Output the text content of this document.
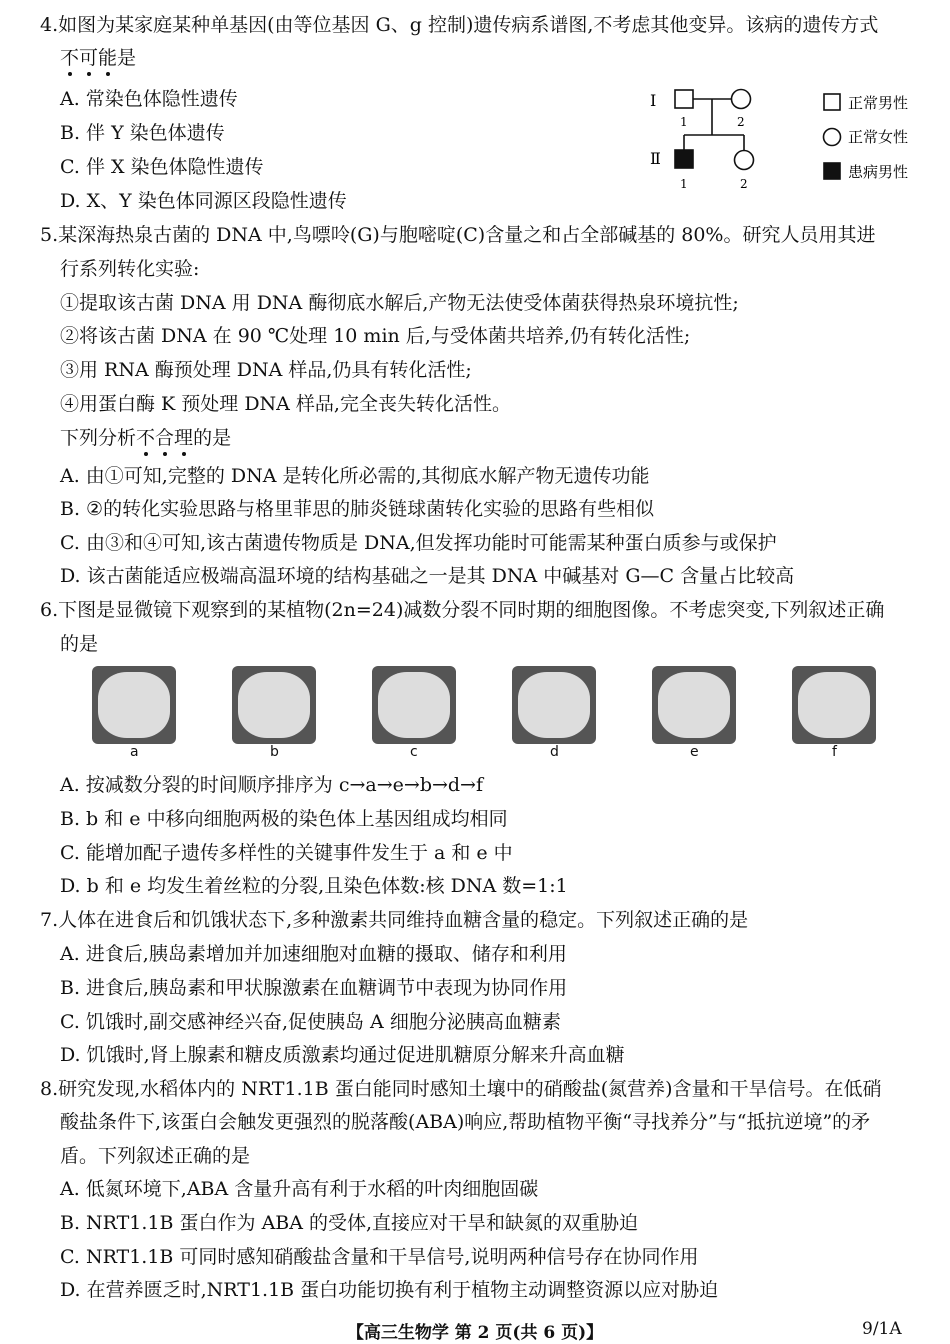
4.如图为某家庭某种单基因(由等位基因 G、g 控制)遗传病系谱图,不考虑其他变异。该病的遗传方式
不可能是
A. 常染色体隐性遗传
B. 伴 Y 染色体遗传
C. 伴 X 染色体隐性遗传
D. X、Y 染色体同源区段隐性遗传
Ⅰ
1	2
Ⅱ
1	2
正常男性
正常女性
患病男性
5.某深海热泉古菌的 DNA 中,鸟嘌呤(G)与胞嘧啶(C)含量之和占全部碱基的 80%。研究人员用其进
行系列转化实验:
①提取该古菌 DNA 用 DNA 酶彻底水解后,产物无法使受体菌获得热泉环境抗性;
②将该古菌 DNA 在 90 ℃处理 10 min 后,与受体菌共培养,仍有转化活性;
③用 RNA 酶预处理 DNA 样品,仍具有转化活性;
④用蛋白酶 K 预处理 DNA 样品,完全丧失转化活性。
下列分析不合理的是
A. 由①可知,完整的 DNA 是转化所必需的,其彻底水解产物无遗传功能
B. ②的转化实验思路与格里菲思的肺炎链球菌转化实验的思路有些相似
C. 由③和④可知,该古菌遗传物质是 DNA,但发挥功能时可能需某种蛋白质参与或保护
D. 该古菌能适应极端高温环境的结构基础之一是其 DNA 中碱基对 G—C 含量占比较高
6.下图是显微镜下观察到的某植物(2n=24)减数分裂不同时期的细胞图像。不考虑突变,下列叙述正确
的是
a	b	c	d	e	f
A. 按减数分裂的时间顺序排序为 c→a→e→b→d→f
B. b 和 e 中移向细胞两极的染色体上基因组成均相同
C. 能增加配子遗传多样性的关键事件发生于 a 和 e 中
D. b 和 e 均发生着丝粒的分裂,且染色体数:核 DNA 数=1:1
7.人体在进食后和饥饿状态下,多种激素共同维持血糖含量的稳定。下列叙述正确的是
A. 进食后,胰岛素增加并加速细胞对血糖的摄取、储存和利用
B. 进食后,胰岛素和甲状腺激素在血糖调节中表现为协同作用
C. 饥饿时,副交感神经兴奋,促使胰岛 A 细胞分泌胰高血糖素
D. 饥饿时,肾上腺素和糖皮质激素均通过促进肌糖原分解来升高血糖
8.研究发现,水稻体内的 NRT1.1B 蛋白能同时感知土壤中的硝酸盐(氮营养)含量和干旱信号。在低硝
酸盐条件下,该蛋白会触发更强烈的脱落酸(ABA)响应,帮助植物平衡“寻找养分”与“抵抗逆境”的矛
盾。下列叙述正确的是
A. 低氮环境下,ABA 含量升高有利于水稻的叶肉细胞固碳
B. NRT1.1B 蛋白作为 ABA 的受体,直接应对干旱和缺氮的双重胁迫
C. NRT1.1B 可同时感知硝酸盐含量和干旱信号,说明两种信号存在协同作用
D. 在营养匮乏时,NRT1.1B 蛋白功能切换有利于植物主动调整资源以应对胁迫
【高三生物学 第 2 页(共 6 页)】	9/1A
